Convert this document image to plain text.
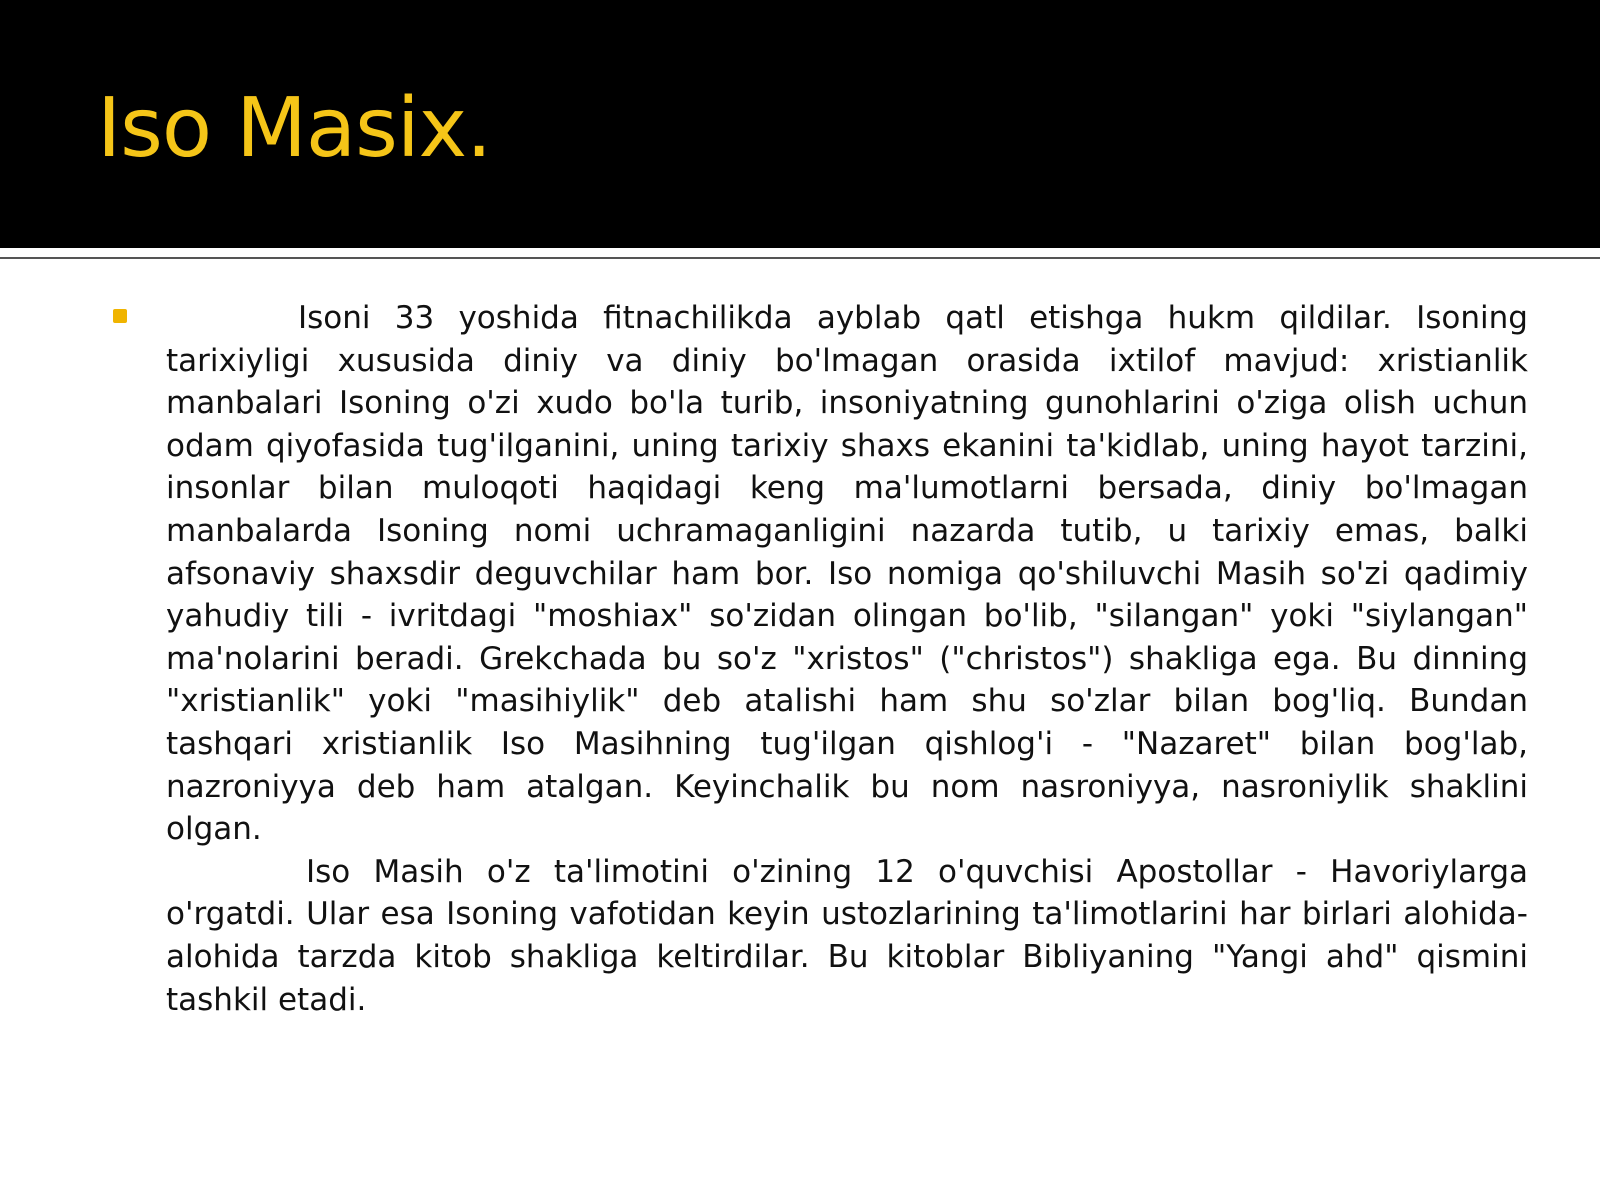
Iso Masix.

Isoni 33 yoshida fitnachilikda ayblab qatl etishga hukm qildilar. Isoning tarixiyligi xususida diniy va diniy bo'lmagan orasida ixtilof mavjud: xristianlik manbalari Isoning o'zi xudo bo'la turib, insoniyatning gunohlarini o'ziga olish uchun odam qiyofasida tug'ilganini, uning tarixiy shaxs ekanini ta'kidlab, uning hayot tarzini, insonlar bilan muloqoti haqidagi keng ma'lumotlarni bersada, diniy bo'lmagan manbalarda Isoning nomi uchramaganligini nazarda tutib, u tarixiy emas, balki afsonaviy shaxsdir deguvchilar ham bor. Iso nomiga qo'shiluvchi Masih so'zi qadimiy yahudiy tili - ivritdagi "moshiax" so'zidan olingan bo'lib, "silangan" yoki "siylangan" ma'nolarini beradi. Grekchada bu so'z "xristos" ("christos") shakliga ega. Bu dinning "xristianlik" yoki "masihiylik" deb atalishi ham shu so'zlar bilan bog'liq. Bundan tashqari xristianlik Iso Masihning tug'ilgan qishlog'i - "Nazaret" bilan bog'lab, nazroniyya deb ham atalgan. Keyinchalik bu nom nasroniyya, nasroniylik shaklini olgan.

Iso Masih o'z ta'limotini o'zining 12 o'quvchisi Apostollar - Havoriylarga o'rgatdi. Ular esa Isoning vafotidan keyin ustozlarining ta'limotlarini har birlari alohida-alohida tarzda kitob shakliga keltirdilar. Bu kitoblar Bibliyaning "Yangi ahd" qismini tashkil etadi.
